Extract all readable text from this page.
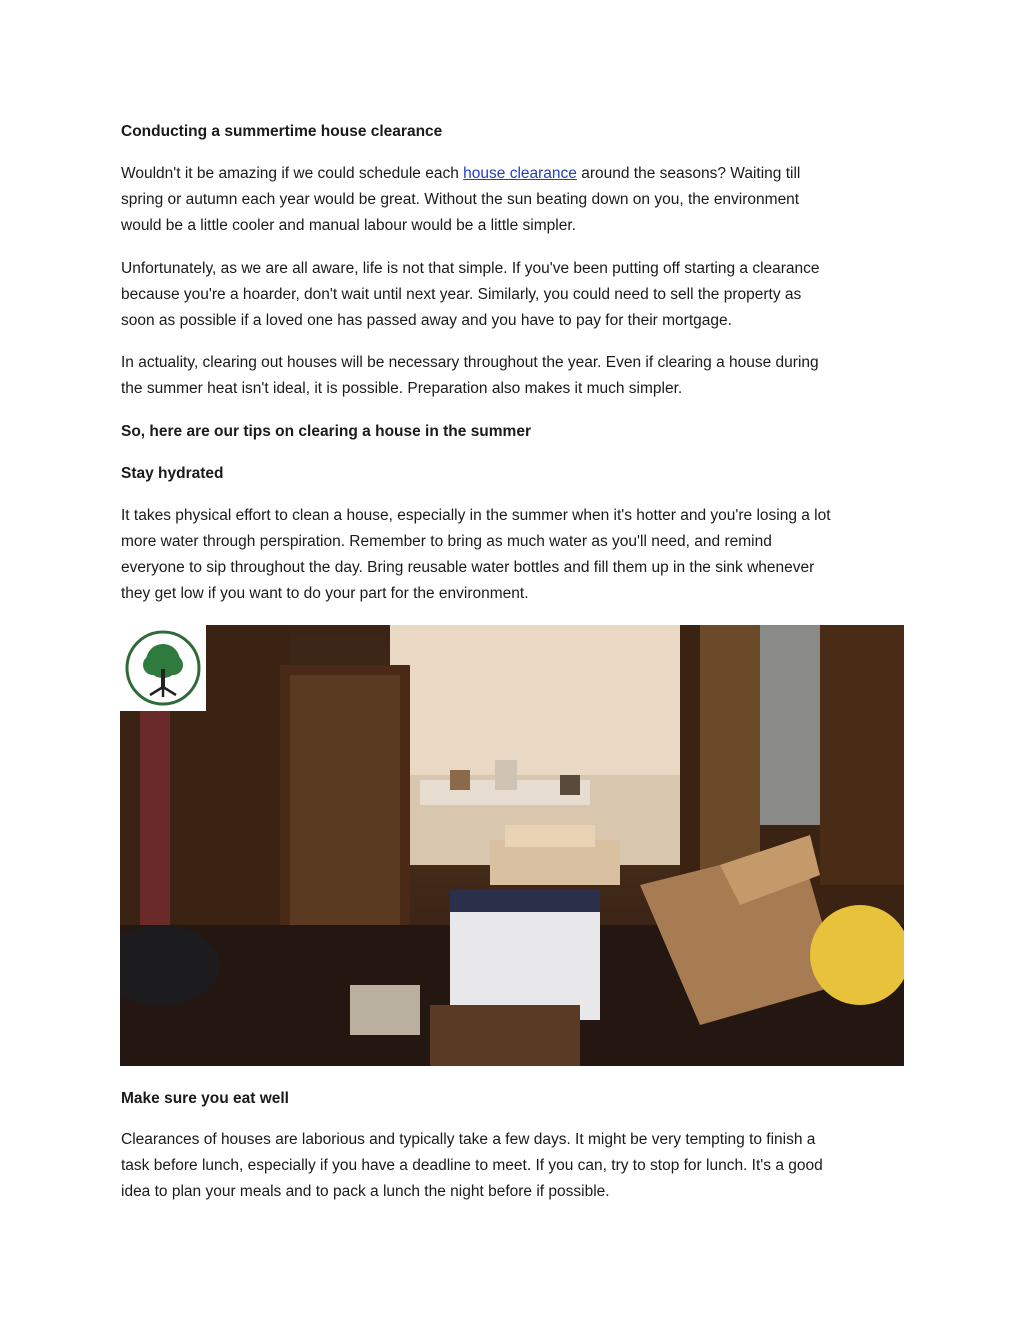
Conducting a summertime house clearance

Wouldn't it be amazing if we could schedule each house clearance around the seasons? Waiting till
spring or autumn each year would be great. Without the sun beating down on you, the environment
would be a little cooler and manual labour would be a little simpler.

Unfortunately, as we are all aware, life is not that simple. If you've been putting off starting a clearance
because you're a hoarder, don't wait until next year. Similarly, you could need to sell the property as
soon as possible if a loved one has passed away and you have to pay for their mortgage.

In actuality, clearing out houses will be necessary throughout the year. Even if clearing a house during
the summer heat isn't ideal, it is possible. Preparation also makes it much simpler.

So, here are our tips on clearing a house in the summer
Stay hydrated

It takes physical effort to clean a house, especially in the summer when it's hotter and you're losing a lot
more water through perspiration. Remember to bring as much water as you'll need, and remind
everyone to sip throughout the day. Bring reusable water bottles and fill them up in the sink whenever
they get low if you want to do your part for the environment.

Make sure you eat well

Clearances of houses are laborious and typically take a few days. It might be very tempting to finish a
task before lunch, especially if you have a deadline to meet. If you can, try to stop for lunch. It's a good
idea to plan your meals and to pack a lunch the night before if possible.
